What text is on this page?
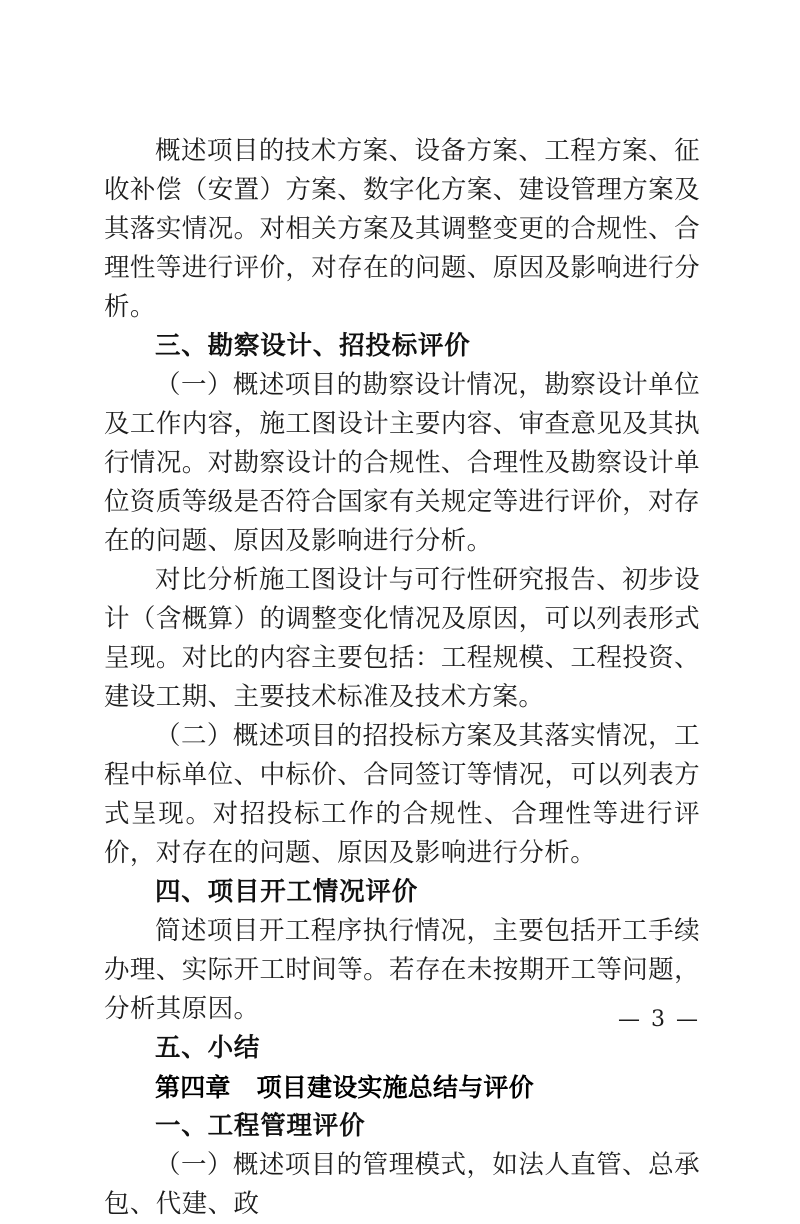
概述项目的技术方案、设备方案、工程方案、征收补偿（安置）方案、数字化方案、建设管理方案及其落实情况。对相关方案及其调整变更的合规性、合理性等进行评价，对存在的问题、原因及影响进行分析。

三、勘察设计、招投标评价

（一）概述项目的勘察设计情况，勘察设计单位及工作内容，施工图设计主要内容、审查意见及其执行情况。对勘察设计的合规性、合理性及勘察设计单位资质等级是否符合国家有关规定等进行评价，对存在的问题、原因及影响进行分析。

对比分析施工图设计与可行性研究报告、初步设计（含概算）的调整变化情况及原因，可以列表形式呈现。对比的内容主要包括：工程规模、工程投资、建设工期、主要技术标准及技术方案。

（二）概述项目的招投标方案及其落实情况，工程中标单位、中标价、合同签订等情况，可以列表方式呈现。对招投标工作的合规性、合理性等进行评价，对存在的问题、原因及影响进行分析。

四、项目开工情况评价

简述项目开工程序执行情况，主要包括开工手续办理、实际开工时间等。若存在未按期开工等问题，分析其原因。

五、小结

第四章 项目建设实施总结与评价

一、工程管理评价

（一）概述项目的管理模式，如法人直管、总承包、代建、政

— 3 —
